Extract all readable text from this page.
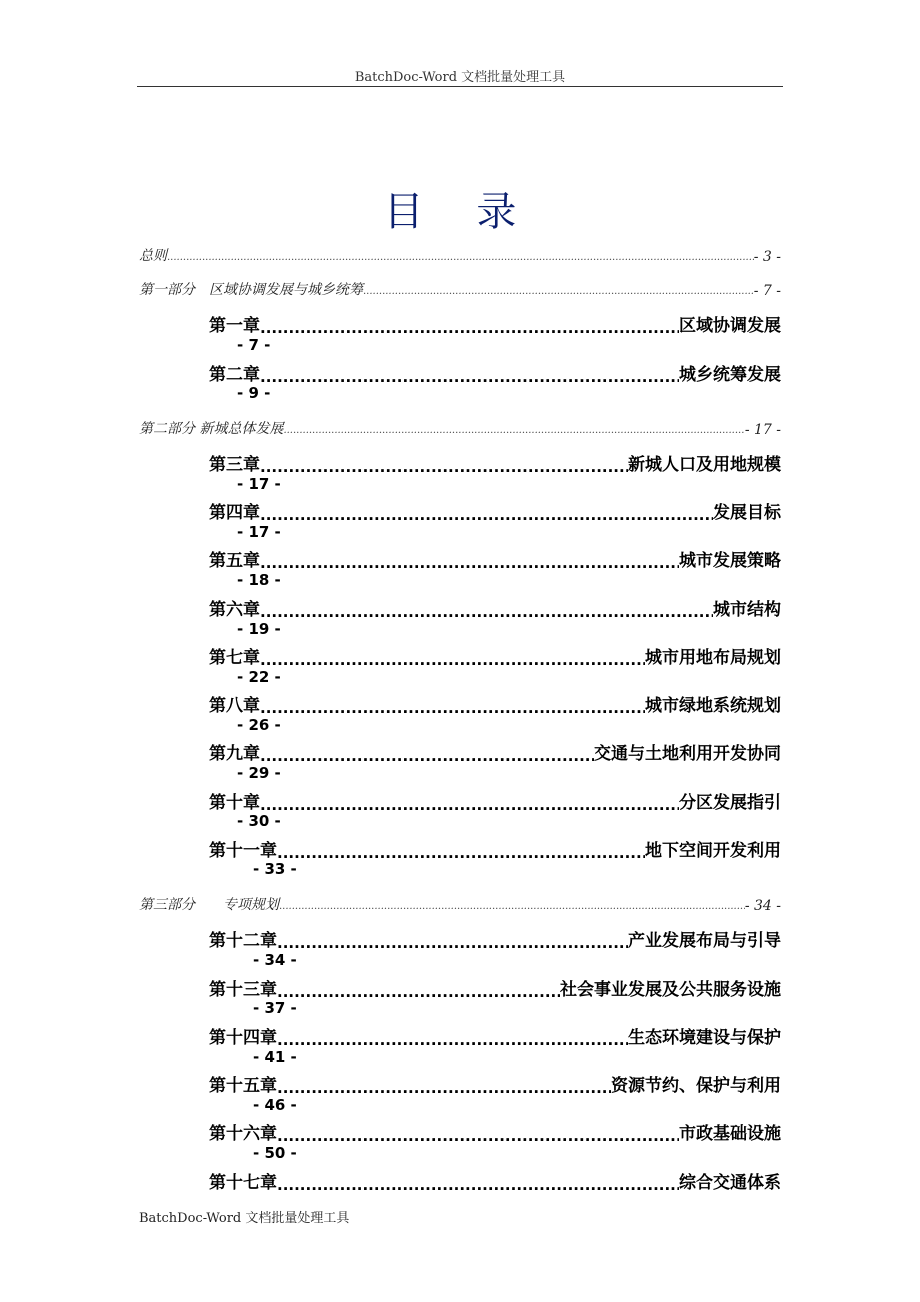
BatchDoc-Word 文档批量处理工具
目 录
总则 .....	- 3 -
第一部分　区域协调发展与城乡统筹 .....	- 7 -
第一章 .....	区域协调发展
- 7 -
第二章 .....	城乡统筹发展
- 9 -
第二部分 新城总体发展 .....	- 17 -
第三章 .....	新城人口及用地规模
- 17 -
第四章 .....	发展目标
- 17 -
第五章 .....	城市发展策略
- 18 -
第六章 .....	城市结构
- 19 -
第七章 .....	城市用地布局规划
- 22 -
第八章 .....	城市绿地系统规划
- 26 -
第九章 .....	交通与土地利用开发协同
- 29 -
第十章 .....	分区发展指引
- 30 -
第十一章 .....	地下空间开发利用
- 33 -
第三部分　　专项规划 .....	- 34 -
第十二章 .....	产业发展布局与引导
- 34 -
第十三章 .....	社会事业发展及公共服务设施
- 37 -
第十四章 .....	生态环境建设与保护
- 41 -
第十五章 .....	资源节约、保护与利用
- 46 -
第十六章 .....	市政基础设施
- 50 -
第十七章 .....	综合交通体系
BatchDoc-Word 文档批量处理工具
